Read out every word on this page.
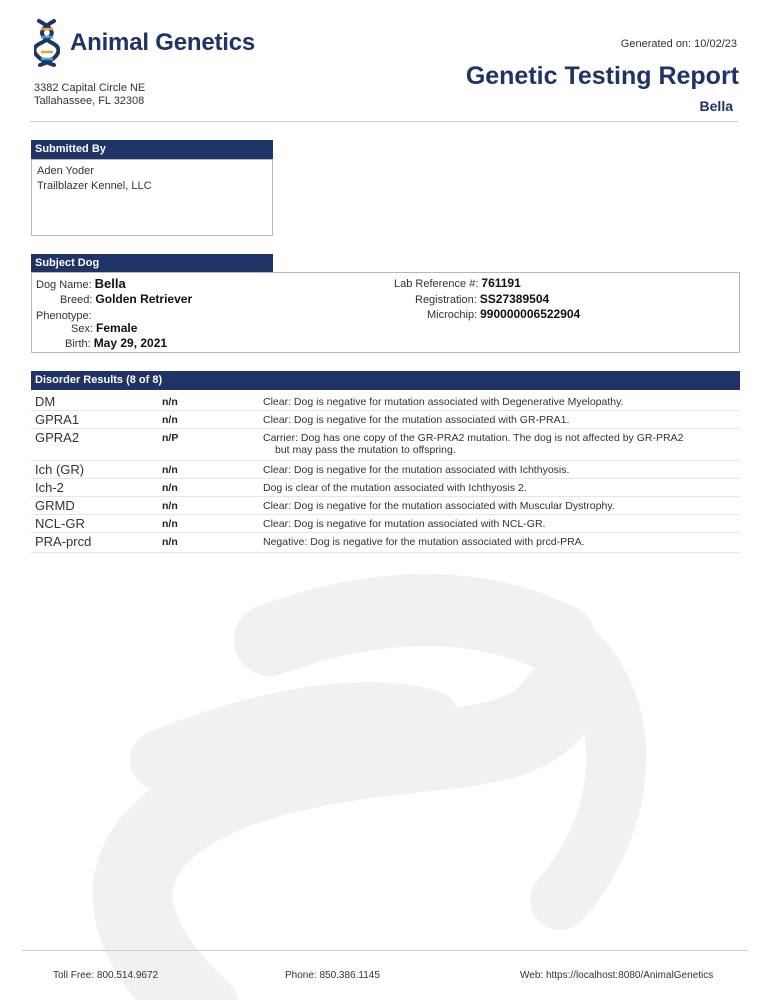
Animal Genetics
3382 Capital Circle NE
Tallahassee, FL 32308
Generated on: 10/02/23
Genetic Testing Report
Bella
Submitted By
Aden Yoder
Trailblazer Kennel, LLC
Subject Dog
Dog Name: Bella
Breed: Golden Retriever
Phenotype:
Sex: Female
Birth: May 29, 2021
Lab Reference #: 761191
Registration: SS27389504
Microchip: 990000006522904
Disorder Results (8 of 8)
DM	n/n	Clear: Dog is negative for mutation associated with Degenerative Myelopathy.
GPRA1	n/n	Clear: Dog is negative for the mutation associated with GR-PRA1.
GPRA2	n/P	Carrier: Dog has one copy of the GR-PRA2 mutation. The dog is not affected by GR-PRA2
but may pass the mutation to offspring.
Ich (GR)	n/n	Clear: Dog is negative for the mutation associated with Ichthyosis.
Ich-2	n/n	Dog is clear of the mutation associated with Ichthyosis 2.
GRMD	n/n	Clear: Dog is negative for the mutation associated with Muscular Dystrophy.
NCL-GR	n/n	Clear: Dog is negative for mutation associated with NCL-GR.
PRA-prcd	n/n	Negative: Dog is negative for the mutation associated with prcd-PRA.
Toll Free: 800.514.9672	Phone: 850.386.1145	Web: https://localhost:8080/AnimalGenetics
